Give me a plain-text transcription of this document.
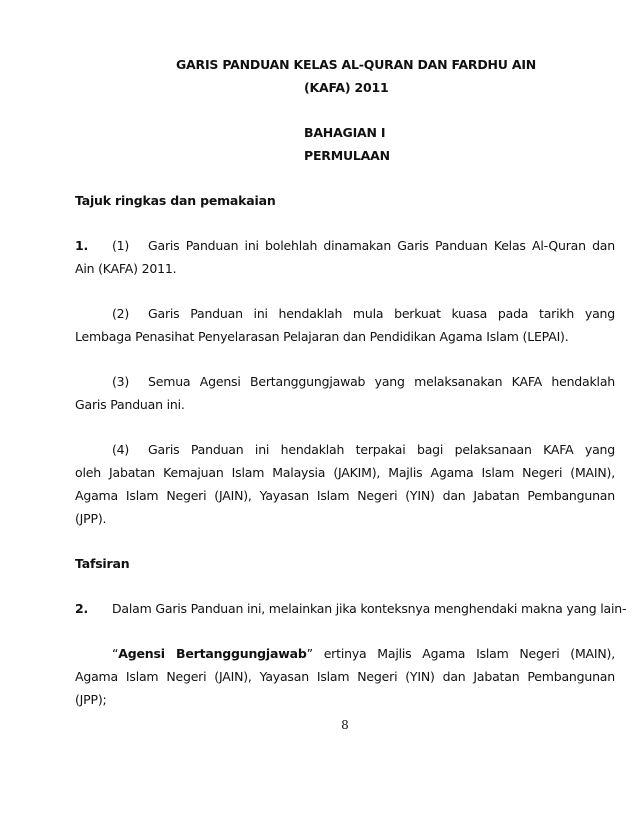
GARIS PANDUAN KELAS AL-QURAN DAN FARDHU AIN
(KAFA) 2011
BAHAGIAN I
PERMULAAN
Tajuk ringkas dan pemakaian
1. (1) Garis Panduan ini bolehlah dinamakan Garis Panduan Kelas Al-Quran dan
Ain (KAFA) 2011.
(2) Garis Panduan ini hendaklah mula berkuat kuasa pada tarikh yang
Lembaga Penasihat Penyelarasan Pelajaran dan Pendidikan Agama Islam (LEPAI).
(3) Semua Agensi Bertanggungjawab yang melaksanakan KAFA hendaklah
Garis Panduan ini.
(4) Garis Panduan ini hendaklah terpakai bagi pelaksanaan KAFA yang
oleh Jabatan Kemajuan Islam Malaysia (JAKIM), Majlis Agama Islam Negeri (MAIN),
Agama Islam Negeri (JAIN), Yayasan Islam Negeri (YIN) dan Jabatan Pembangunan
(JPP).
Tafsiran
2. Dalam Garis Panduan ini, melainkan jika konteksnya menghendaki makna yang lain-
“Agensi Bertanggungjawab” ertinya Majlis Agama Islam Negeri (MAIN),
Agama Islam Negeri (JAIN), Yayasan Islam Negeri (YIN) dan Jabatan Pembangunan
(JPP);
8
